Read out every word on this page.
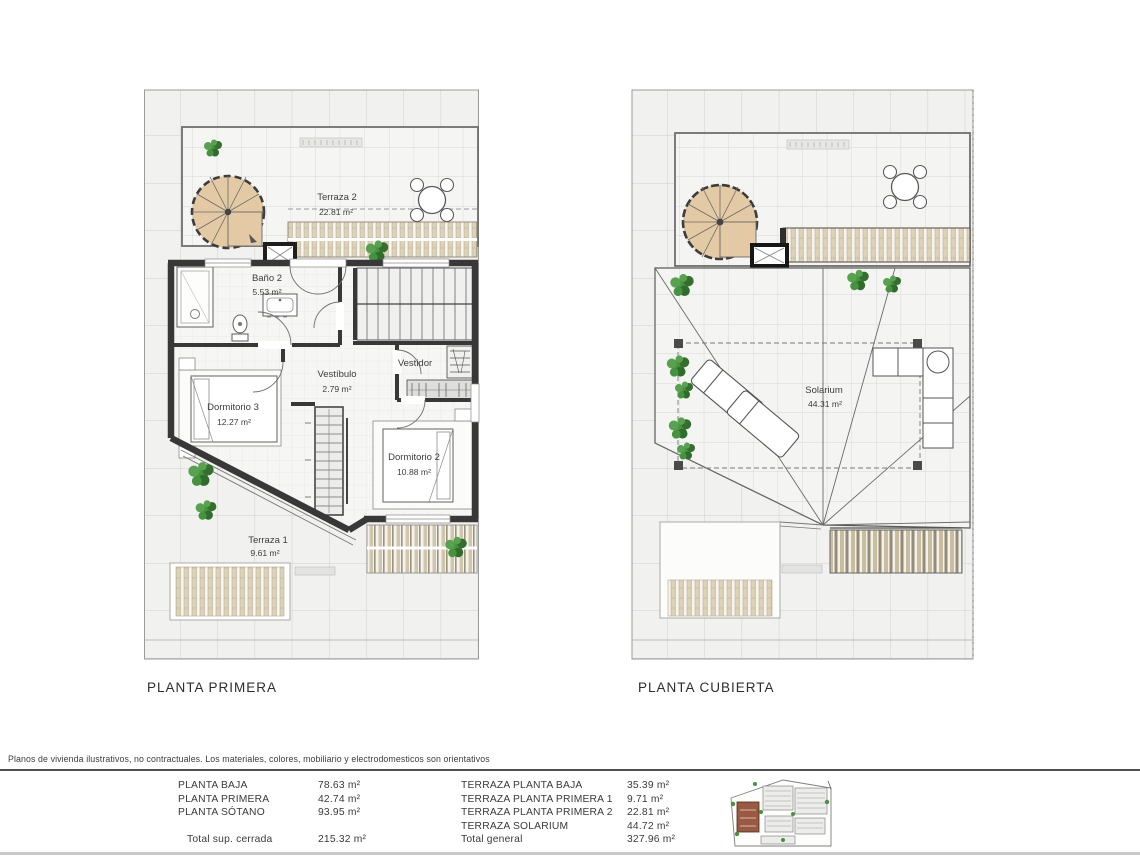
Terraza 2
22.81 m²
Baño 2
5.53 m²
Vestíbulo
2.79 m²
Vestidor
Dormitorio 3
12.27 m²
Dormitorio 2
10.88 m²
Terraza 1
9.61 m²
Solarium
44.31 m²
PLANTA PRIMERA	PLANTA CUBIERTA
Planos de vivienda ilustrativos, no contractuales. Los materiales, colores, mobiliario y electrodomesticos son orientativos
PLANTA BAJA	78.63 m²
PLANTA PRIMERA	42.74 m²
PLANTA SÓTANO	93.95 m²
Total sup. cerrada	215.32 m²
TERRAZA PLANTA BAJA	35.39 m²
TERRAZA PLANTA PRIMERA 1 9.71 m²
TERRAZA PLANTA PRIMERA 2 22.81 m²
TERRAZA SOLARIUM	44.72 m²
Total general	327.96 m²
